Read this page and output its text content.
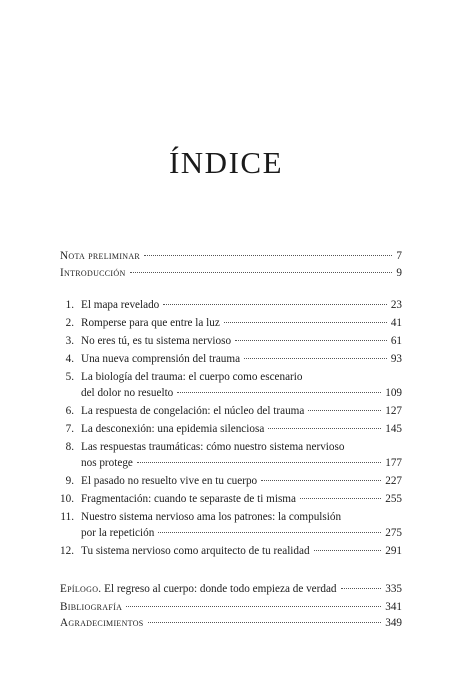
ÍNDICE
Nota preliminar	7
Introducción	9
1. El mapa revelado	23
2. Romperse para que entre la luz	41
3. No eres tú, es tu sistema nervioso	61
4. Una nueva comprensión del trauma	93
5. La biología del trauma: el cuerpo como escenario
del dolor no resuelto	109
6. La respuesta de congelación: el núcleo del trauma	127
7. La desconexión: una epidemia silenciosa	145
8. Las respuestas traumáticas: cómo nuestro sistema nervioso
nos protege	177
9. El pasado no resuelto vive en tu cuerpo	227
10. Fragmentación: cuando te separaste de ti misma	255
11. Nuestro sistema nervioso ama los patrones: la compulsión
por la repetición	275
12. Tu sistema nervioso como arquitecto de tu realidad	291
Epílogo. El regreso al cuerpo: donde todo empieza de verdad	335
Bibliografía	341
Agradecimientos	349
